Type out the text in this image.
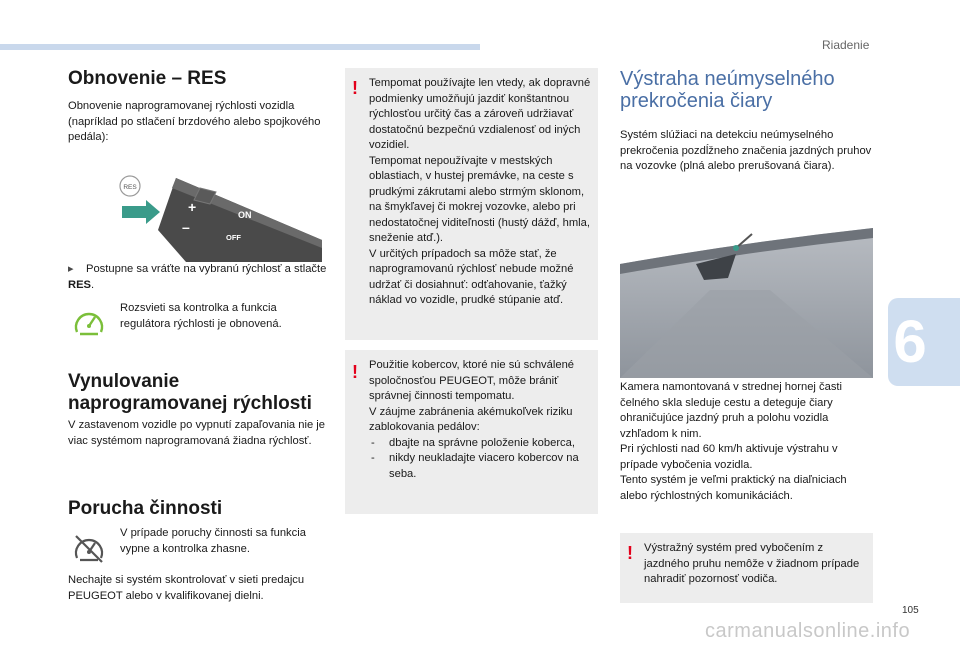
Riadenie
6
Obnovenie – RES
Obnovenie naprogramovanej rýchlosti vozidla (napríklad po stlačení brzdového alebo spojkového pedála):
RES
ON
OFF
+
–
▸ Postupne sa vráťte na vybranú rýchlosť a stlačte RES.
Rozsvieti sa kontrolka a funkcia regulátora rýchlosti je obnovená.
Vynulovanie naprogramovanej rýchlosti
V zastavenom vozidle po vypnutí zapaľovania nie je viac systémom naprogramovaná žiadna rýchlosť.
Porucha činnosti
V prípade poruchy činnosti sa funkcia vypne a kontrolka zhasne.
Nechajte si systém skontrolovať v sieti predajcu PEUGEOT alebo v kvalifikovanej dielni.
! Tempomat používajte len vtedy, ak dopravné podmienky umožňujú jazdiť konštantnou rýchlosťou určitý čas a zároveň udržiavať dostatočnú bezpečnú vzdialenosť od iných vozidiel.
Tempomat nepoužívajte v mestských oblastiach, v hustej premávke, na ceste s prudkými zákrutami alebo strmým sklonom, na šmykľavej či mokrej vozovke, alebo pri nedostatočnej viditeľnosti (hustý dážď, hmla, sneženie atď.).
V určitých prípadoch sa môže stať, že naprogramovanú rýchlosť nebude možné udržať či dosiahnuť: odťahovanie, ťažký náklad vo vozidle, prudké stúpanie atď.
! Použitie kobercov, ktoré nie sú schválené spoločnosťou PEUGEOT, môže brániť správnej činnosti tempomatu.
V záujme zabránenia akémukoľvek riziku zablokovania pedálov:
- dbajte na správne položenie koberca,
- nikdy neukladajte viacero kobercov na seba.
Výstraha neúmyselného prekročenia čiary
Systém slúžiaci na detekciu neúmyselného prekročenia pozdĺžneho značenia jazdných pruhov na vozovke (plná alebo prerušovaná čiara).
Kamera namontovaná v strednej hornej časti čelného skla sleduje cestu a deteguje čiary ohraničujúce jazdný pruh a polohu vozidla vzhľadom k nim.
Pri rýchlosti nad 60 km/h aktivuje výstrahu v prípade vybočenia vozidla.
Tento systém je veľmi praktický na diaľniciach alebo rýchlostných komunikáciách.
! Výstražný systém pred vybočením z jazdného pruhu nemôže v žiadnom prípade nahradiť pozornosť vodiča.
105
carmanualsonline.info
